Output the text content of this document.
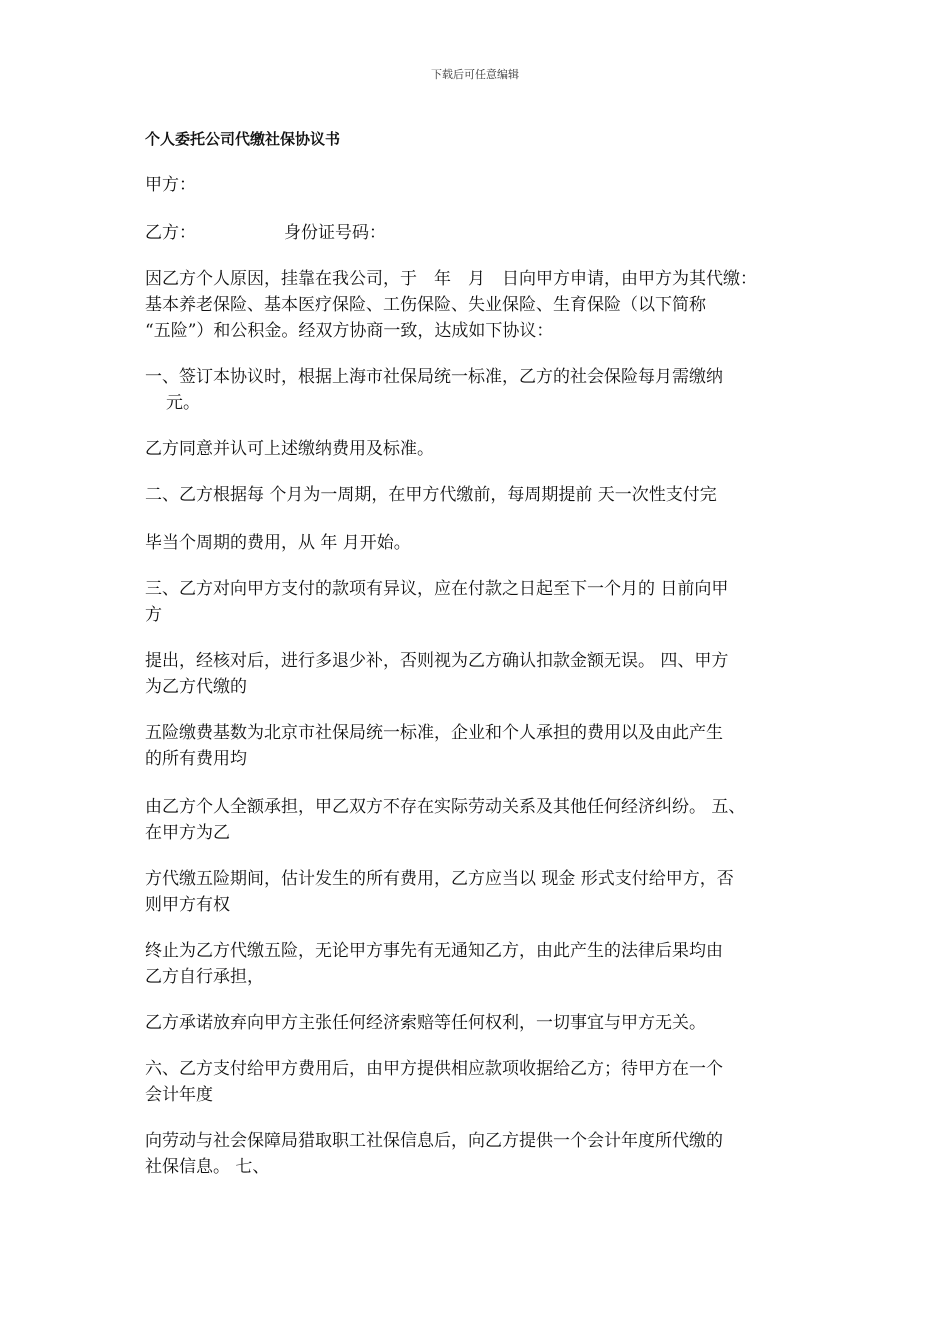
下载后可任意编辑
个人委托公司代缴社保协议书
甲方：
乙方：	身份证号码：
因乙方个人原因，挂靠在我公司，于　年　月　日向甲方申请，由甲方为其代缴：
基本养老保险、基本医疗保险、工伤保险、失业保险、生育保险（以下简称
“五险”）和公积金。经双方协商一致，达成如下协议：
一、签订本协议时，根据上海市社保局统一标准，乙方的社会保险每月需缴纳
元。
乙方同意并认可上述缴纳费用及标准。
二、乙方根据每 个月为一周期，在甲方代缴前，每周期提前 天一次性支付完
毕当个周期的费用，从 年 月开始。
三、乙方对向甲方支付的款项有异议，应在付款之日起至下一个月的 日前向甲
方
提出，经核对后，进行多退少补，否则视为乙方确认扣款金额无误。 四、甲方
为乙方代缴的
五险缴费基数为北京市社保局统一标准，企业和个人承担的费用以及由此产生
的所有费用均
由乙方个人全额承担，甲乙双方不存在实际劳动关系及其他任何经济纠纷。 五、
在甲方为乙
方代缴五险期间，估计发生的所有费用，乙方应当以 现金 形式支付给甲方，否
则甲方有权
终止为乙方代缴五险，无论甲方事先有无通知乙方，由此产生的法律后果均由
乙方自行承担，
乙方承诺放弃向甲方主张任何经济索赔等任何权利，一切事宜与甲方无关。
六、乙方支付给甲方费用后，由甲方提供相应款项收据给乙方；待甲方在一个
会计年度
向劳动与社会保障局猎取职工社保信息后，向乙方提供一个会计年度所代缴的
社保信息。 七、
